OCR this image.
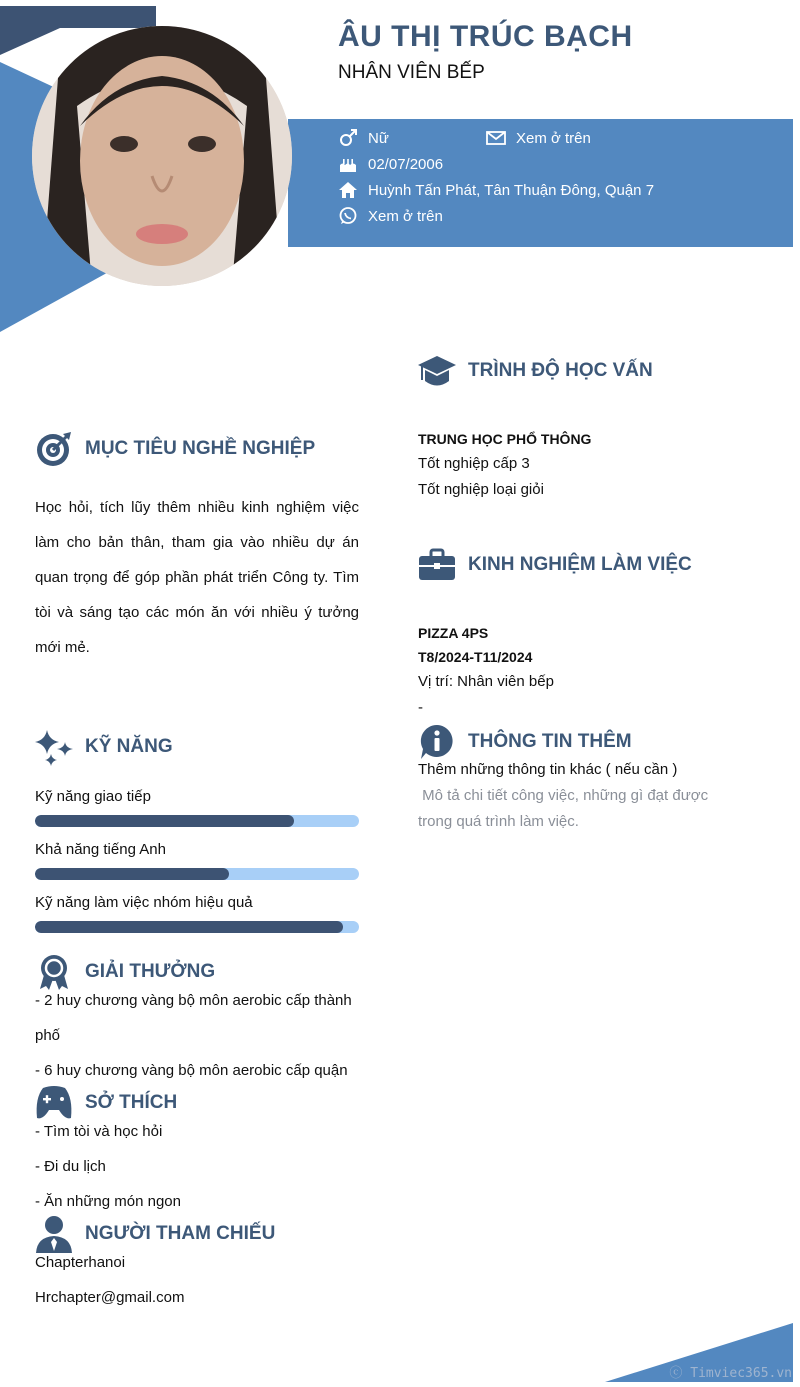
ÂU THỊ TRÚC BẠCH
NHÂN VIÊN BẾP
Nữ	Xem ở trên
02/07/2006
Huỳnh Tấn Phát, Tân Thuận Đông, Quận 7
Xem ở trên
MỤC TIÊU NGHỀ NGHIỆP
Học hỏi, tích lũy thêm nhiều kinh nghiệm việc làm cho bản thân, tham gia vào nhiều dự án quan trọng để góp phần phát triển Công ty. Tìm tòi và sáng tạo các món ăn với nhiều ý tưởng mới mẻ.
KỸ NĂNG
Kỹ năng giao tiếp
Khả năng tiếng Anh
Kỹ năng làm việc nhóm hiệu quả
GIẢI THƯỞNG
- 2 huy chương vàng bộ môn aerobic cấp thành
phố
- 6 huy chương vàng bộ môn aerobic cấp quận
SỞ THÍCH
- Tìm tòi và học hỏi
- Đi du lịch
- Ăn những món ngon
NGƯỜI THAM CHIẾU
Chapterhanoi
Hrchapter@gmail.com
TRÌNH ĐỘ HỌC VẤN
TRUNG HỌC PHỔ THÔNG
Tốt nghiệp cấp 3
Tốt nghiệp loại giỏi
KINH NGHIỆM LÀM VIỆC
PIZZA 4PS
T8/2024-T11/2024
Vị trí: Nhân viên bếp
-
THÔNG TIN THÊM
Thêm những thông tin khác ( nếu cần )
Mô tả chi tiết công việc, những gì đạt được
trong quá trình làm việc.
ⓒ Timviec365.vn
